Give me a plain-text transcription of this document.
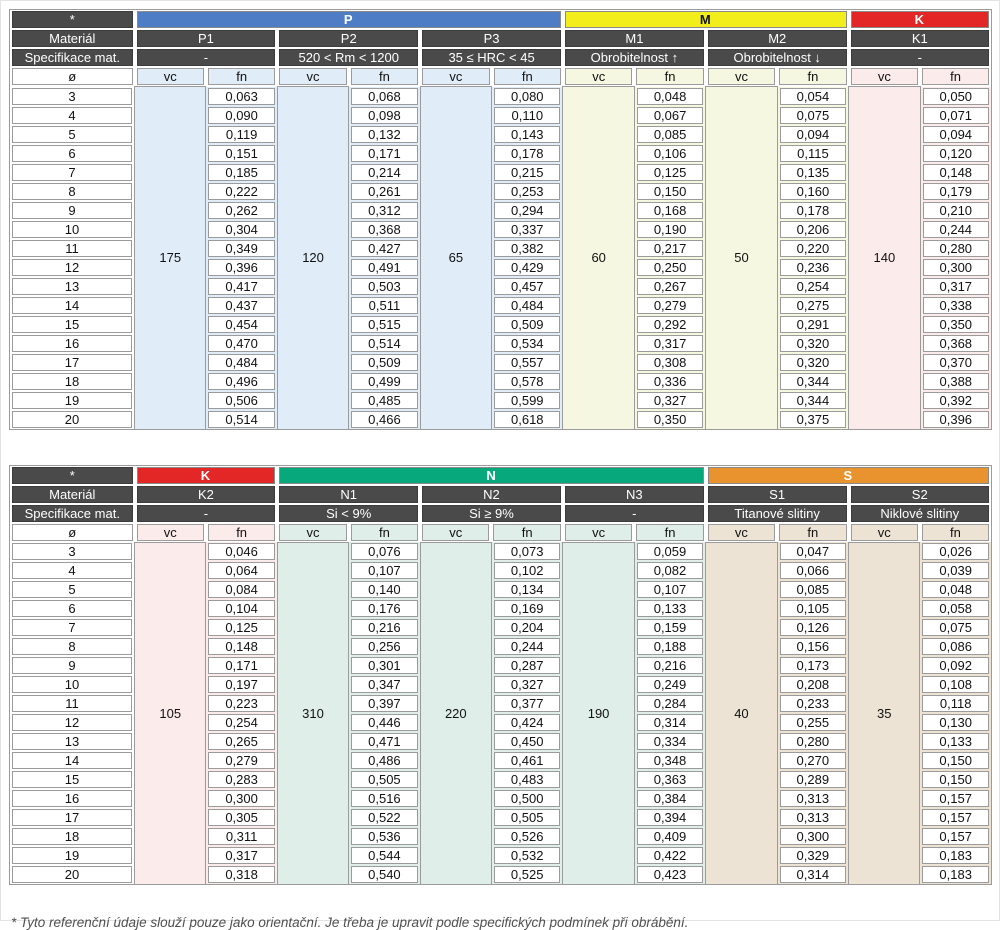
*	P						M				K	

Materiál	P1		P2		P3		M1		M2		K1	

Specifikace mat.	-		520 < Rm < 1200		35 ≤ HRC < 45		Obrobitelnost ↑		Obrobitelnost ↓		-	

ø	vc	fn	vc	fn	vc	fn	vc	fn	vc	fn	vc	fn

3	175	0,063	120	0,068	65	0,080	60	0,048	50	0,054	140	0,050

4		0,090		0,098		0,110		0,067		0,075		0,071

5		0,119		0,132		0,143		0,085		0,094		0,094

6		0,151		0,171		0,178		0,106		0,115		0,120

7		0,185		0,214		0,215		0,125		0,135		0,148

8		0,222		0,261		0,253		0,150		0,160		0,179

9		0,262		0,312		0,294		0,168		0,178		0,210

10		0,304		0,368		0,337		0,190		0,206		0,244

11		0,349		0,427		0,382		0,217		0,220		0,280

12		0,396		0,491		0,429		0,250		0,236		0,300

13		0,417		0,503		0,457		0,267		0,254		0,317

14		0,437		0,511		0,484		0,279		0,275		0,338

15		0,454		0,515		0,509		0,292		0,291		0,350

16		0,470		0,514		0,534		0,317		0,320		0,368

17		0,484		0,509		0,557		0,308		0,320		0,370

18		0,496		0,499		0,578		0,336		0,344		0,388

19		0,506		0,485		0,599		0,327		0,344		0,392

20		0,514		0,466		0,618		0,350		0,375		0,396
*	K		N						S			

Materiál	K2		N1		N2		N3		S1		S2	

Specifikace mat.	-		Si < 9%		Si ≥ 9%		-		Titanové slitiny		Niklové slitiny	

ø	vc	fn	vc	fn	vc	fn	vc	fn	vc	fn	vc	fn

3	105	0,046	310	0,076	220	0,073	190	0,059	40	0,047	35	0,026

4		0,064		0,107		0,102		0,082		0,066		0,039

5		0,084		0,140		0,134		0,107		0,085		0,048

6		0,104		0,176		0,169		0,133		0,105		0,058

7		0,125		0,216		0,204		0,159		0,126		0,075

8		0,148		0,256		0,244		0,188		0,156		0,086

9		0,171		0,301		0,287		0,216		0,173		0,092

10		0,197		0,347		0,327		0,249		0,208		0,108

11		0,223		0,397		0,377		0,284		0,233		0,118

12		0,254		0,446		0,424		0,314		0,255		0,130

13		0,265		0,471		0,450		0,334		0,280		0,133

14		0,279		0,486		0,461		0,348		0,270		0,150

15		0,283		0,505		0,483		0,363		0,289		0,150

16		0,300		0,516		0,500		0,384		0,313		0,157

17		0,305		0,522		0,505		0,394		0,313		0,157

18		0,311		0,536		0,526		0,409		0,300		0,157

19		0,317		0,544		0,532		0,422		0,329		0,183

20		0,318		0,540		0,525		0,423		0,314		0,183
* Tyto referenční údaje slouží pouze jako orientační. Je třeba je upravit podle specifických podmínek při obrábění.
